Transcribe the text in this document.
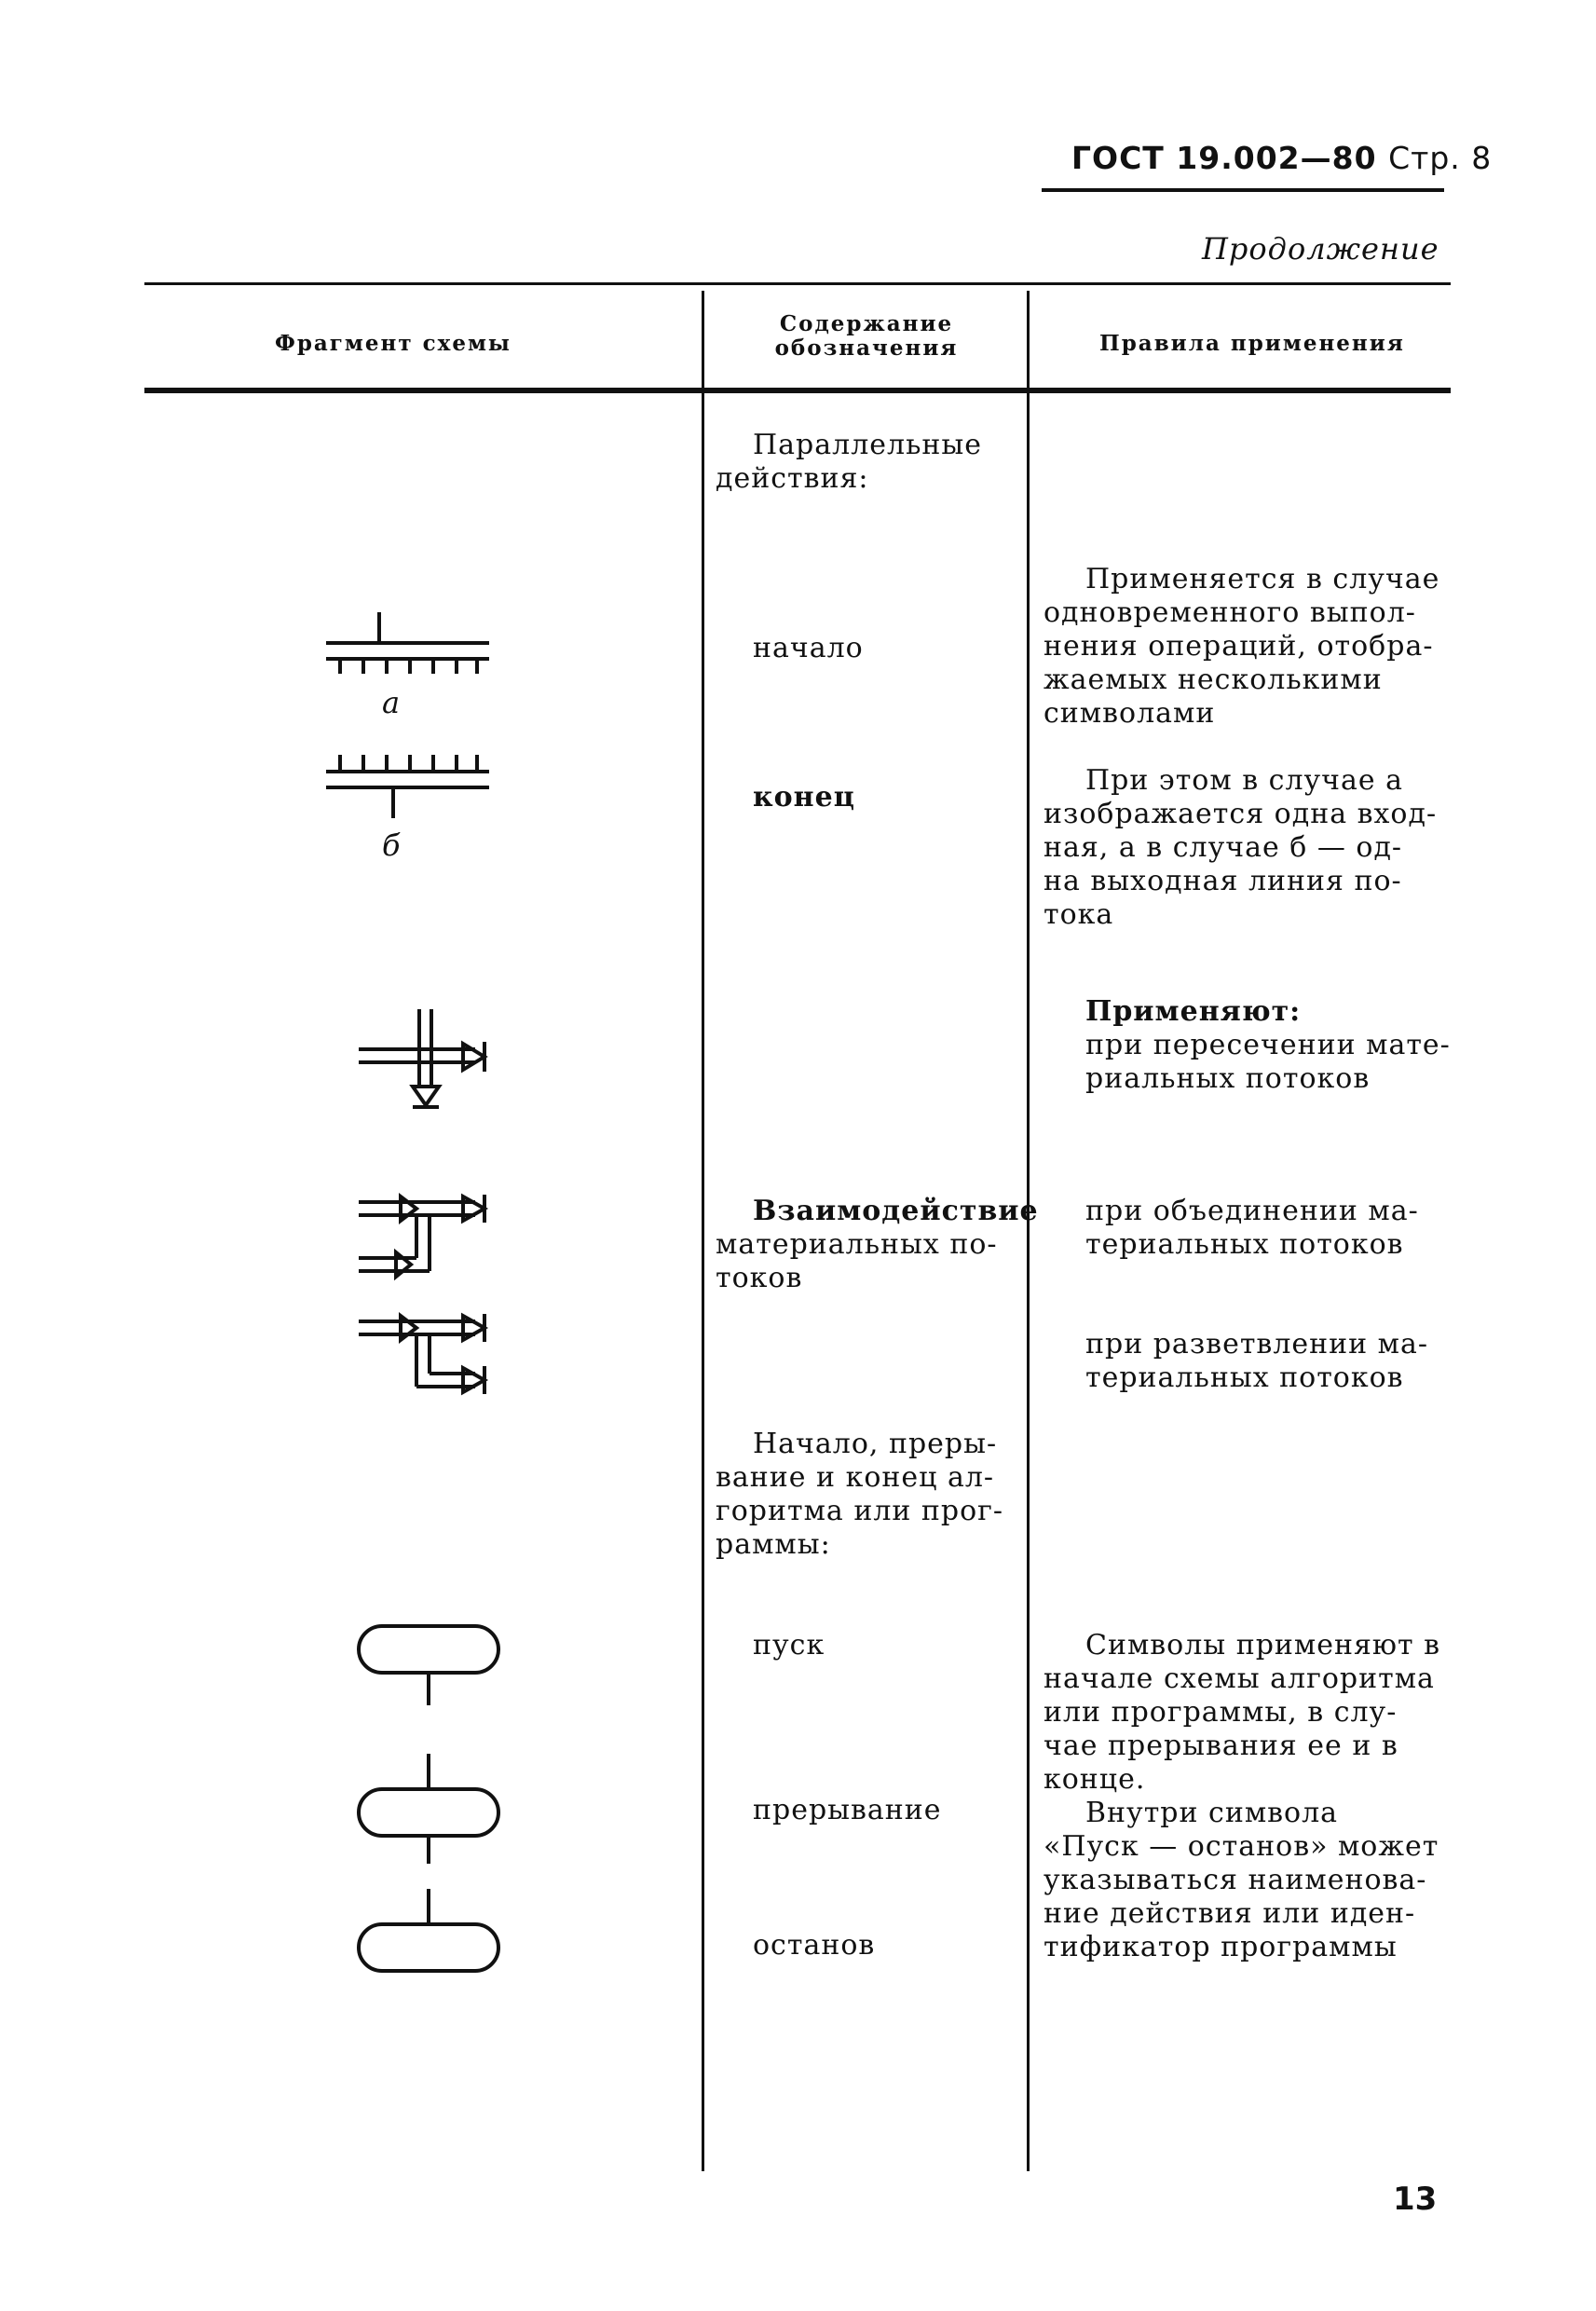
ГОСТ 19.002—80 Стр. 8
Продолжение
Фрагмент схемы
Содержание
обозначения	Правила применения
Параллельные
действия:
начало
конец

Применяется в случае

одновременного выпол-

нения операций, отобра-

жаемых несколькими

символами

При этом в случае а

изображается одна вход-

ная, а в случае б — од-

на выходная линия по-

тока

а
б

Применяют:

при пересечении мате-

риальных потоков

Взаимодействие

материальных по-

токов

при объединении ма-

териальных потоков

при разветвлении ма-

териальных потоков

Начало, преры-

вание и конец ал-

горитма или прог-

раммы:

пуск
прерывание
останов

Символы применяют в

начале схемы алгоритма

или программы, в слу-

чае прерывания ее и в

конце.

Внутри символа

«Пуск — останов» может

указываться наименова-

ние действия или иден-

тификатор программы

13
